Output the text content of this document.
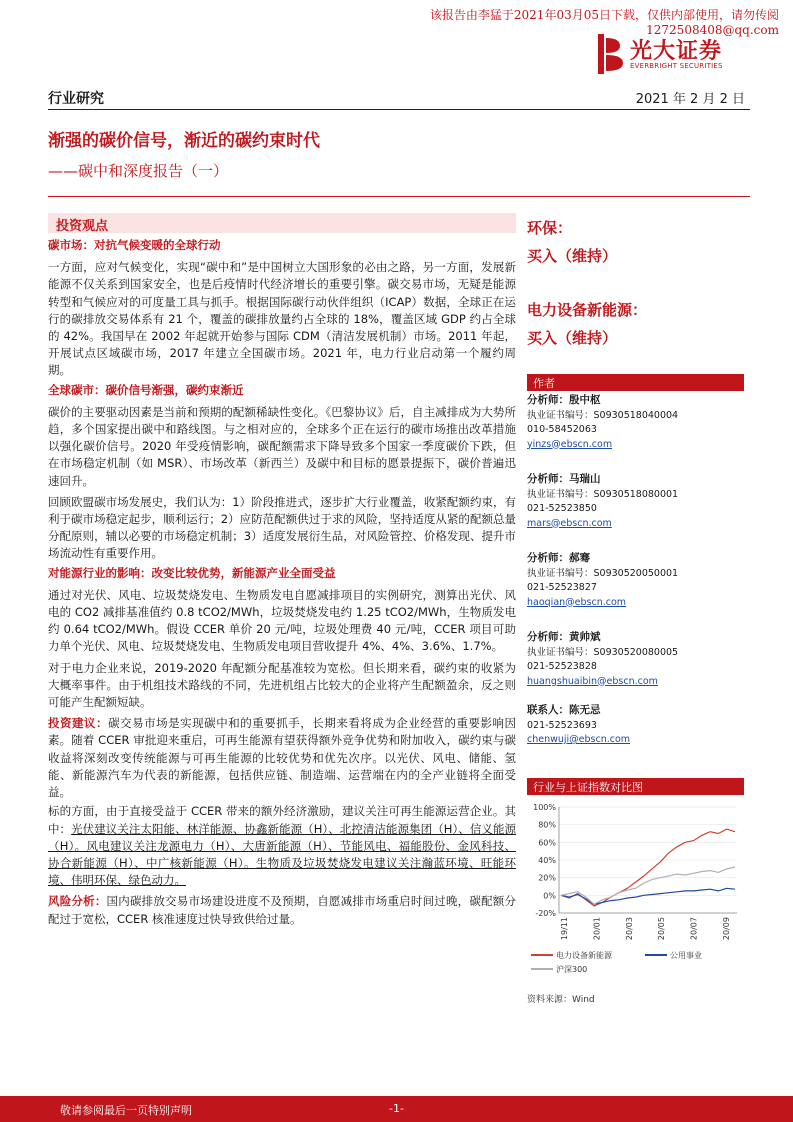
该报告由李猛于2021年03月05日下载，仅供内部使用，请勿传阅
1272508408@qq.com
光大证券
EVERBRIGHT SECURITIES
行业研究	2021 年 2 月 2 日
渐强的碳价信号，渐近的碳约束时代
——碳中和深度报告（一）
投资观点
碳市场：对抗气候变暖的全球行动
一方面，应对气候变化，实现“碳中和”是中国树立大国形象的必由之路，另一方面，发展新能源不仅关系到国家安全，也是后疫情时代经济增长的重要引擎。碳交易市场，无疑是能源转型和气候应对的可度量工具与抓手。根据国际碳行动伙伴组织（ICAP）数据，全球正在运行的碳排放交易体系有 21 个，覆盖的碳排放量约占全球的 18%，覆盖区域 GDP 约占全球的 42%。我国早在 2002 年起就开始参与国际 CDM（清洁发展机制）市场。2011 年起，开展试点区域碳市场，2017 年建立全国碳市场。2021 年，电力行业启动第一个履约周期。
全球碳市：碳价信号渐强，碳约束渐近
碳价的主要驱动因素是当前和预期的配额稀缺性变化。《巴黎协议》后，自主减排成为大势所趋，多个国家提出碳中和路线图。与之相对应的，全球多个正在运行的碳市场推出改革措施以强化碳价信号。2020 年受疫情影响，碳配额需求下降导致多个国家一季度碳价下跌，但在市场稳定机制（如 MSR）、市场改革（新西兰）及碳中和目标的愿景提振下，碳价普遍迅速回升。
回顾欧盟碳市场发展史，我们认为：1）阶段推进式，逐步扩大行业覆盖，收紧配额约束，有利于碳市场稳定起步，顺利运行；2）应防范配额供过于求的风险，坚持适度从紧的配额总量分配原则，辅以必要的市场稳定机制；3）适度发展衍生品，对风险管控、价格发现、提升市场流动性有重要作用。
对能源行业的影响：改变比较优势，新能源产业全面受益
通过对光伏、风电、垃圾焚烧发电、生物质发电自愿减排项目的实例研究，测算出光伏、风电的 CO2 减排基准值约 0.8 tCO2/MWh，垃圾焚烧发电约 1.25 tCO2/MWh，生物质发电约 0.64 tCO2/MWh。假设 CCER 单价 20 元/吨，垃圾处理费 40 元/吨，CCER 项目可助力单个光伏、风电、垃圾焚烧发电、生物质发电项目营收提升 4%、4%、3.6%、1.7%。
对于电力企业来说，2019-2020 年配额分配基准较为宽松。但长期来看，碳约束的收紧为大概率事件。由于机组技术路线的不同，先进机组占比较大的企业将产生配额盈余，反之则可能产生配额短缺。
投资建议：碳交易市场是实现碳中和的重要抓手，长期来看将成为企业经营的重要影响因素。随着 CCER 审批迎来重启，可再生能源有望获得额外竞争优势和附加收入，碳约束与碳收益将深刻改变传统能源与可再生能源的比较优势和优先次序。以光伏、风电、储能、氢能、新能源汽车为代表的新能源，包括供应链、制造端、运营端在内的全产业链将全面受益。
标的方面，由于直接受益于 CCER 带来的额外经济激励，建议关注可再生能源运营企业。其中：光伏建议关注太阳能、林洋能源、协鑫新能源（H）、北控清洁能源集团（H）、信义能源（H）。风电建议关注龙源电力（H）、大唐新能源（H）、节能风电、福能股份、金风科技、协合新能源（H）、中广核新能源（H）。生物质及垃圾焚烧发电建议关注瀚蓝环境、旺能环境、伟明环保、绿色动力。
风险分析：国内碳排放交易市场建设进度不及预期，自愿减排市场重启时间过晚，碳配额分配过于宽松，CCER 核准速度过快导致供给过量。
环保：
买入（维持）
电力设备新能源：
买入（维持）
作者
分析师：殷中枢
执业证书编号：S0930518040004
010-58452063
yinzs@ebscn.com
分析师：马瑞山
执业证书编号：S0930518080001
021-52523850
mars@ebscn.com
分析师：郝骞
执业证书编号：S0930520050001
021-52523827
haoqian@ebscn.com
分析师：黄帅斌
执业证书编号：S0930520080005
021-52523828
huangshuaibin@ebscn.com
联系人：陈无忌
021-52523693
chenwuji@ebscn.com
行业与上证指数对比图
100%
80%
60%
40%
20%
0%
-20%
19/11	20/01	20/03	20/05	20/07	20/09
电力设备新能源	公用事业
沪深300
资料来源：Wind
敬请参阅最后一页特别声明	-1-
